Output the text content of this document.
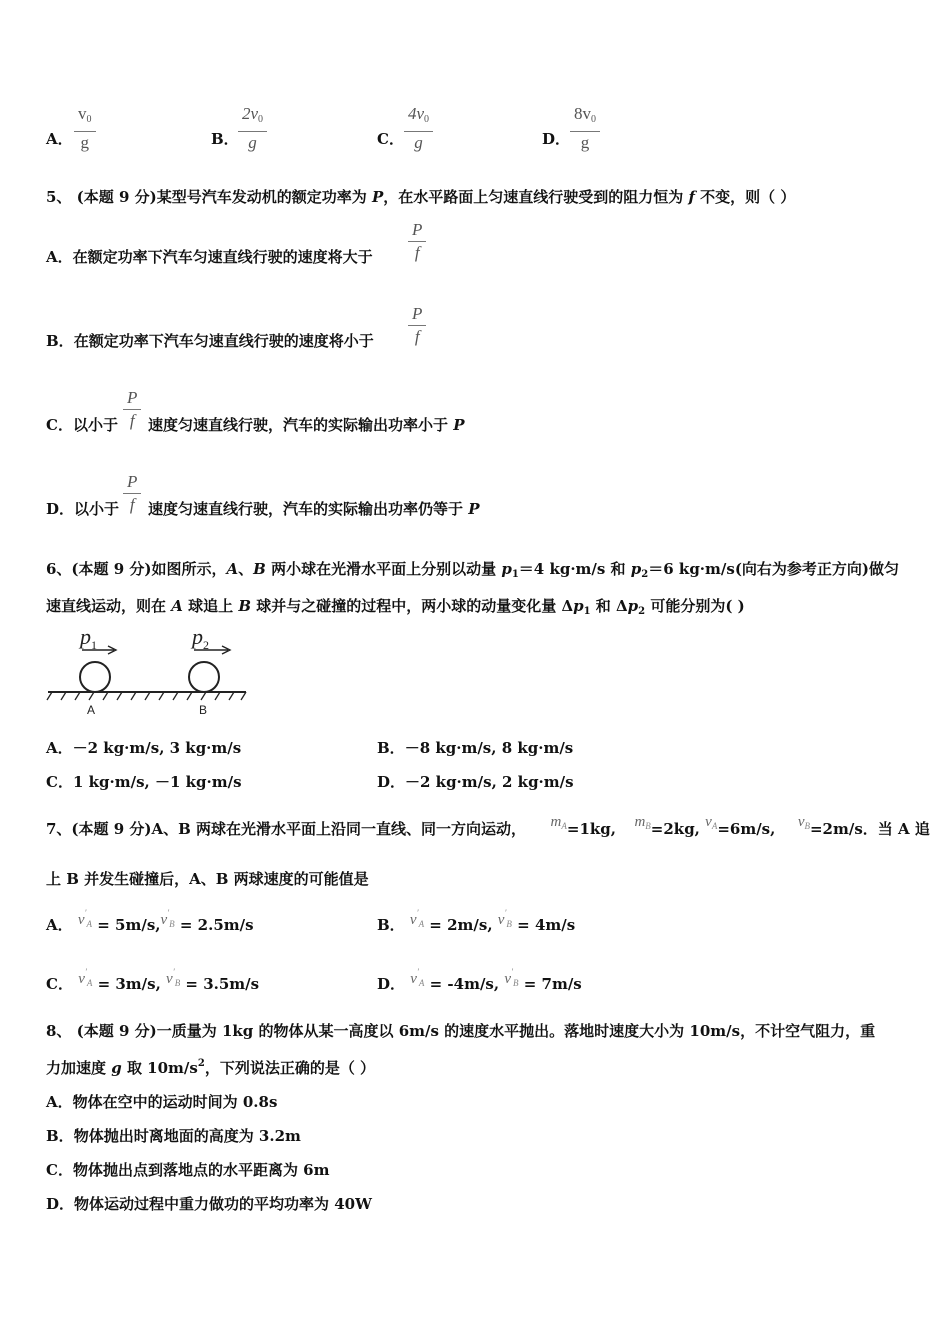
A． $\frac{v_0}{g}$	B． $\frac{2v_0}{g}$	C． $\frac{4v_0}{g}$	D． $\frac{8v_0}{g}$
5、 (本题 9 分)某型号汽车发动机的额定功率为 P，在水平路面上匀速直线行驶受到的阻力恒为 f 不变，则（ ）
A．在额定功率下汽车匀速直线行驶的速度将大于 $\frac{P}{f}$
B．在额定功率下汽车匀速直线行驶的速度将小于 $\frac{P}{f}$
C．以小于 $\frac{P}{f}$ 速度匀速直线行驶，汽车的实际输出功率小于 P
D．以小于 $\frac{P}{f}$ 速度匀速直线行驶，汽车的实际输出功率仍等于 P
6、(本题 9 分)如图所示，A、B 两小球在光滑水平面上分别以动量 $p_1=4$ kg·m/s 和 $p_2=6$ kg·m/s(向右为参考正方向)做匀
速直线运动，则在 A 球追上 B 球并与之碰撞的过程中，两小球的动量变化量 $\Delta p_1$ 和 $\Delta p_2$ 可能分别为( )
$p_1$	$p_2$
A	B
A．－2 kg·m/s, 3 kg·m/s	B．－8 kg·m/s, 8 kg·m/s
C．1 kg·m/s, －1 kg·m/s	D．－2 kg·m/s, 2 kg·m/s
7、(本题 9 分)A、B 两球在光滑水平面上沿同一直线、同一方向运动， $m_A=1kg$, $m_B=2kg$, $v_A=6m/s$, $v_B=2m/s$．当 A 追
上 B 并发生碰撞后，A、B 两球速度的可能值是
A． $v'_A = 5m/s,v'_B = 2.5m/s$	B． $v'_A = 2m/s$, $v'_B = 4m/s$
C． $v'_A = 3m/s$, $v'_B = 3.5m/s$	D． $v'_A = -4m/s$, $v'_B = 7m/s$
8、 (本题 9 分)一质量为 1kg 的物体从某一高度以 6m/s 的速度水平抛出。落地时速度大小为 10m/s，不计空气阻力，重
力加速度 g 取 $10m/s^2$，下列说法正确的是（ ）
A．物体在空中的运动时间为 0.8s
B．物体抛出时离地面的高度为 3.2m
C．物体抛出点到落地点的水平距离为 6m
D．物体运动过程中重力做功的平均功率为 40W
